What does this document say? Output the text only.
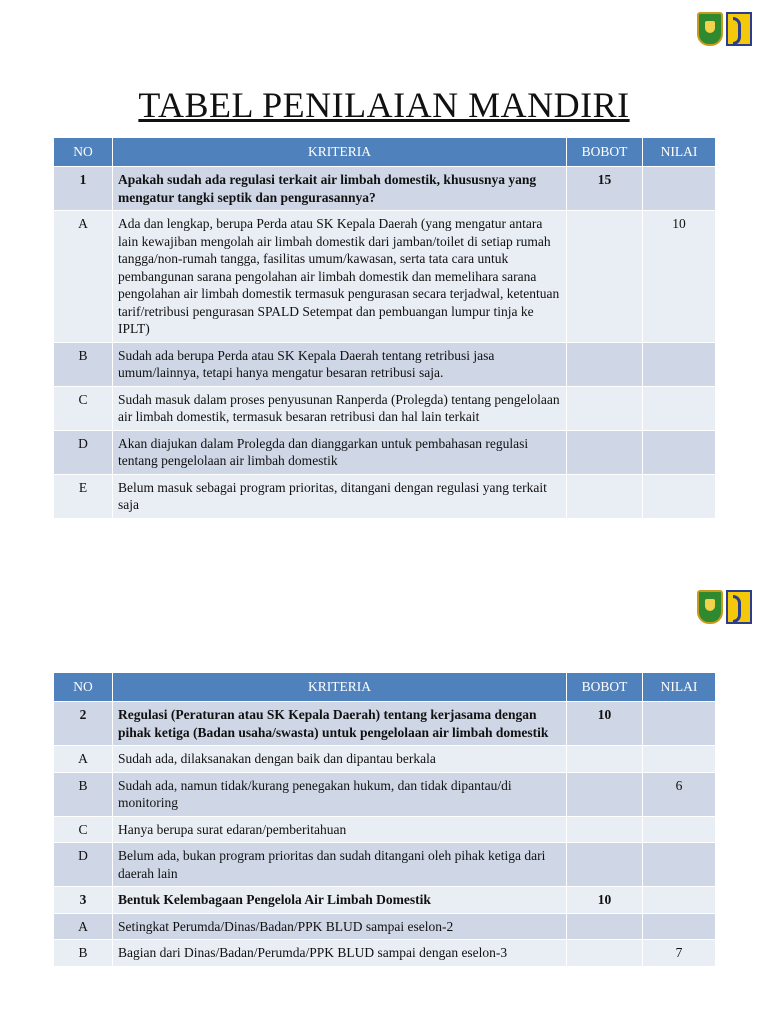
TABEL PENILAIAN MANDIRI
NO	KRITERIA	BOBOT	NILAI
1	Apakah sudah ada regulasi terkait air limbah domestik, khususnya yang mengatur tangki septik dan pengurasannya?	15	
A	Ada dan lengkap, berupa Perda atau SK Kepala Daerah (yang mengatur antara lain kewajiban mengolah air limbah domestik dari jamban/toilet di setiap rumah tangga/non-rumah tangga, fasilitas umum/kawasan, serta tata cara untuk pembangunan sarana pengolahan air limbah domestik dan memelihara sarana pengolahan air limbah domestik termasuk pengurasan secara terjadwal, ketentuan tarif/retribusi pengurasan SPALD Setempat dan pembuangan lumpur tinja ke IPLT)		10
B	Sudah ada berupa Perda atau SK Kepala Daerah tentang retribusi jasa umum/lainnya, tetapi hanya mengatur besaran retribusi saja.		
C	Sudah masuk dalam proses penyusunan Ranperda (Prolegda) tentang pengelolaan air limbah domestik, termasuk besaran retribusi dan hal lain terkait		
D	Akan diajukan dalam Prolegda dan dianggarkan untuk pembahasan regulasi tentang pengelolaan air limbah domestik		
E	Belum masuk sebagai program prioritas, ditangani dengan regulasi yang terkait saja		
NO	KRITERIA	BOBOT	NILAI
2	Regulasi (Peraturan atau SK Kepala Daerah) tentang kerjasama dengan pihak ketiga (Badan usaha/swasta) untuk pengelolaan air limbah domestik	10	
A	Sudah ada, dilaksanakan dengan baik dan dipantau berkala		
B	Sudah ada, namun tidak/kurang penegakan hukum, dan tidak dipantau/di monitoring		6
C	Hanya berupa surat edaran/pemberitahuan		
D	Belum ada, bukan program prioritas dan sudah ditangani oleh pihak ketiga dari daerah lain		
3	Bentuk Kelembagaan Pengelola Air Limbah Domestik	10	
A	Setingkat Perumda/Dinas/Badan/PPK BLUD sampai eselon-2		
B	Bagian dari Dinas/Badan/Perumda/PPK BLUD sampai dengan eselon-3		7
